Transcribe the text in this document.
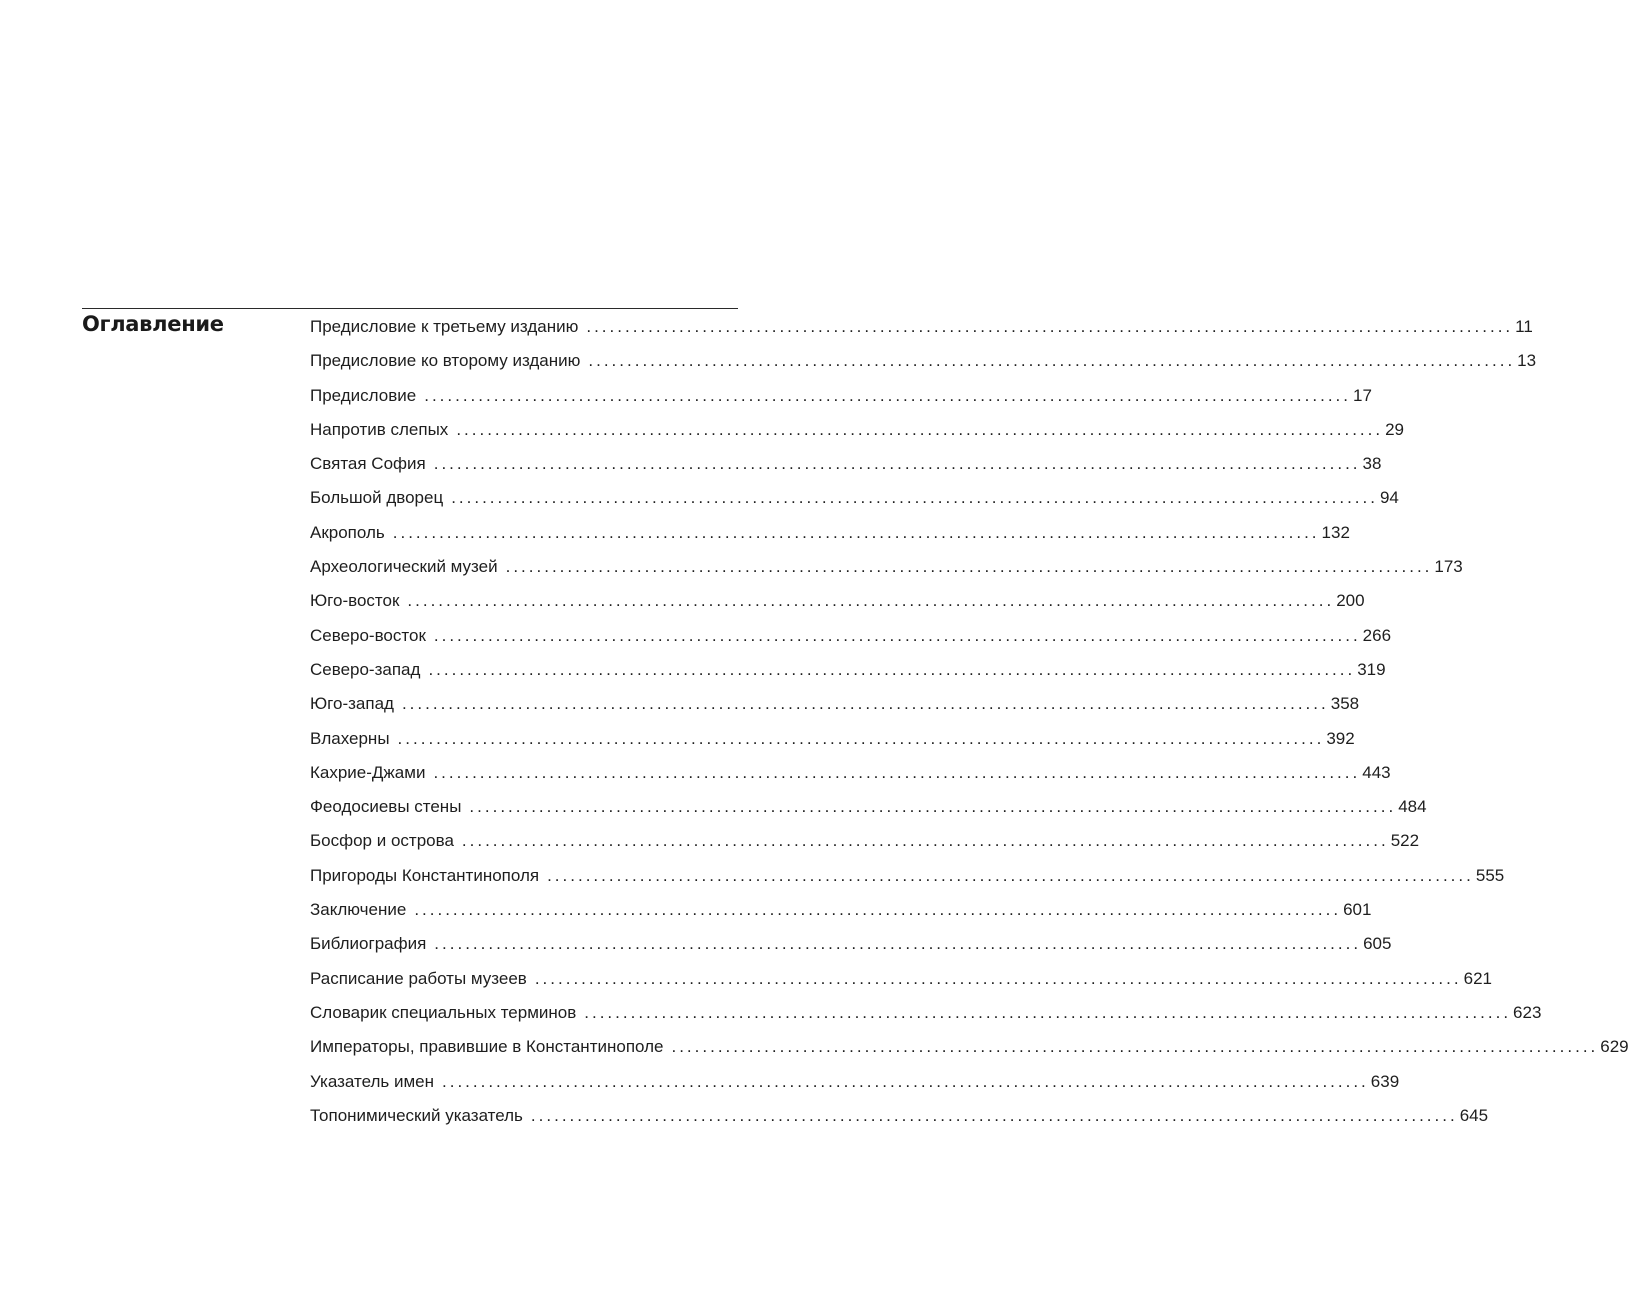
Оглавление	Предисловие к третьему изданию ........................................................................................................................ 11
Предисловие ко второму изданию ........................................................................................................................ 13
Предисловие ........................................................................................................................ 17
Напротив слепых ........................................................................................................................ 29
Святая София ........................................................................................................................ 38
Большой дворец ........................................................................................................................ 94
Акрополь ........................................................................................................................ 132
Археологический музей ........................................................................................................................ 173
Юго-восток ........................................................................................................................ 200
Северо-восток ........................................................................................................................ 266
Северо-запад ........................................................................................................................ 319
Юго-запад ........................................................................................................................ 358
Влахерны ........................................................................................................................ 392
Кахрие-Джами ........................................................................................................................ 443
Феодосиевы стены ........................................................................................................................ 484
Босфор и острова ........................................................................................................................ 522
Пригороды Константинополя ........................................................................................................................ 555
Заключение ........................................................................................................................ 601
Библиография ........................................................................................................................ 605
Расписание работы музеев ........................................................................................................................ 621
Словарик специальных терминов ........................................................................................................................ 623
Императоры, правившие в Константинополе ........................................................................................................................ 629
Указатель имен ........................................................................................................................ 639
Топонимический указатель ........................................................................................................................ 645
